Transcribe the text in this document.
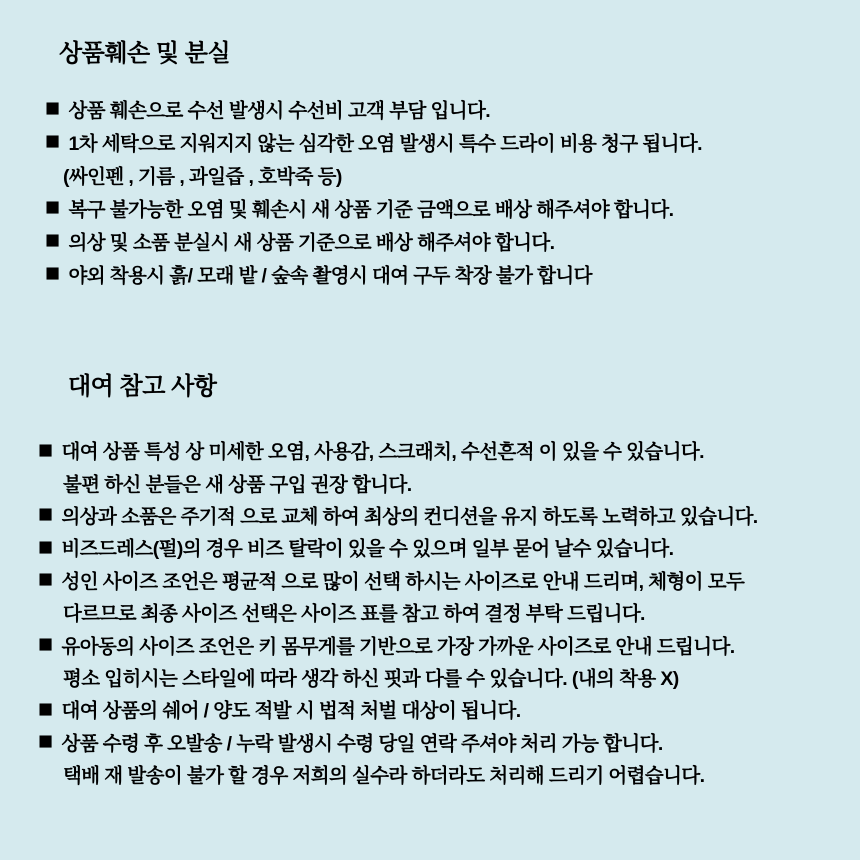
상품훼손 및 분실
■ 상품 훼손으로 수선 발생시 수선비 고객 부담 입니다.
■ 1차 세탁으로 지워지지 않는 심각한 오염 발생시 특수 드라이 비용 청구 됩니다.
(싸인펜 , 기름 , 과일즙 , 호박죽 등)
■ 복구 불가능한 오염 및 훼손시 새 상품 기준 금액으로 배상 해주셔야 합니다.
■ 의상 및 소품 분실시 새 상품 기준으로 배상 해주셔야 합니다.
■ 야외 착용시 흙/ 모래 밭 / 숲속 촬영시 대여 구두 착장 불가 합니다
대여 참고 사항
■ 대여 상품 특성 상 미세한 오염, 사용감, 스크래치, 수선흔적 이 있을 수 있습니다.
불편 하신 분들은 새 상품 구입 권장 합니다.
■ 의상과 소품은 주기적 으로 교체 하여 최상의 컨디션을 유지 하도록 노력하고 있습니다.
■ 비즈드레스(펄)의 경우 비즈 탈락이 있을 수 있으며 일부 묻어 날수 있습니다.
■ 성인 사이즈 조언은 평균적 으로 많이 선택 하시는 사이즈로 안내 드리며, 체형이 모두
다르므로 최종 사이즈 선택은 사이즈 표를 참고 하여 결정 부탁 드립니다.
■ 유아동의 사이즈 조언은 키 몸무게를 기반으로 가장 가까운 사이즈로 안내 드립니다.
평소 입히시는 스타일에 따라 생각 하신 핏과 다를 수 있습니다. (내의 착용 X)
■ 대여 상품의 쉐어 / 양도 적발 시 법적 처벌 대상이 됩니다.
■ 상품 수령 후 오발송 / 누락 발생시 수령 당일 연락 주셔야 처리 가능 합니다.
택배 재 발송이 불가 할 경우 저희의 실수라 하더라도 처리해 드리기 어렵습니다.
